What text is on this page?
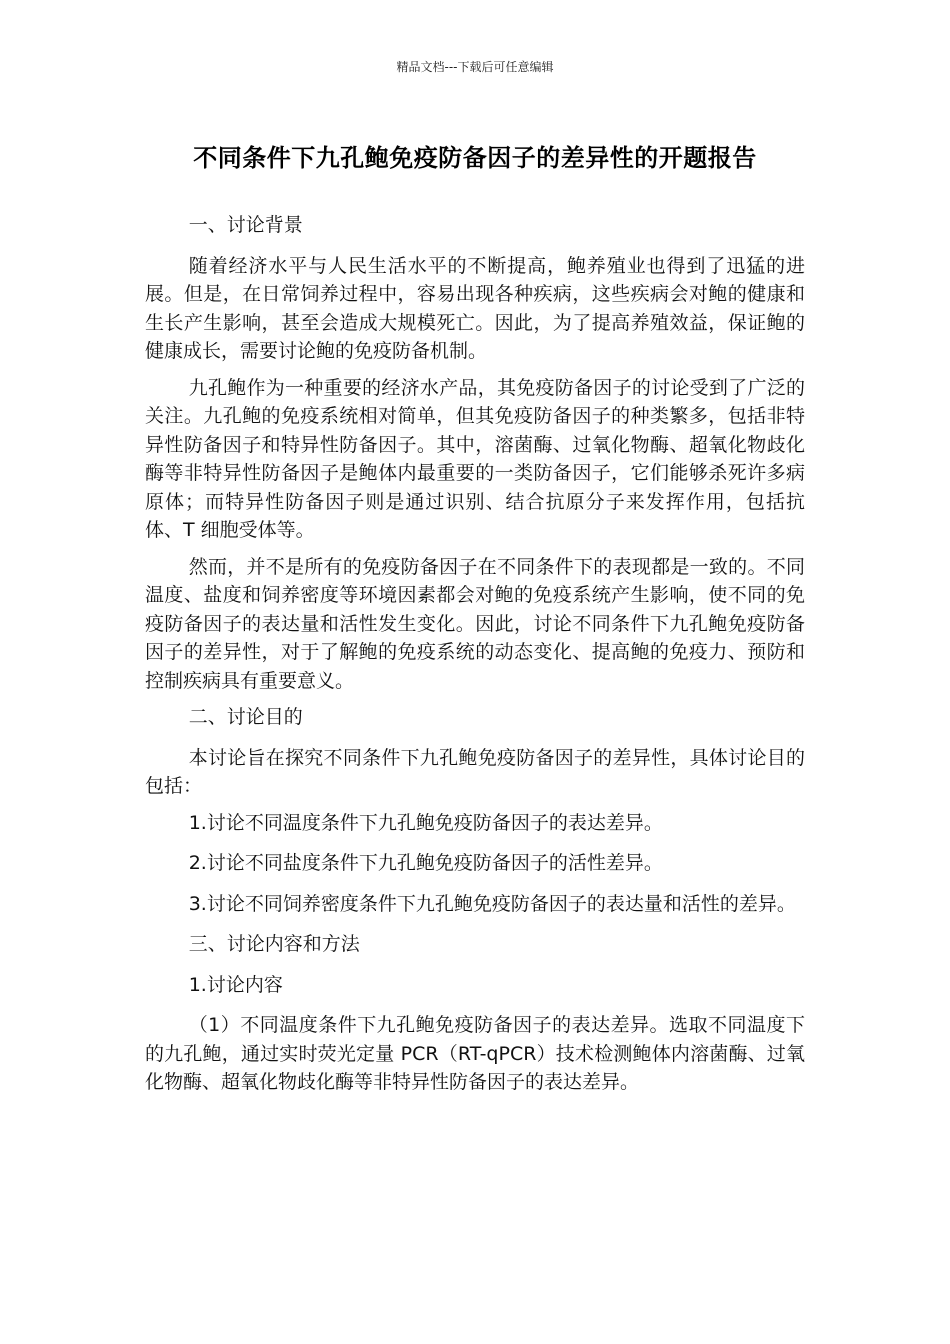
精品文档---下载后可任意编辑
不同条件下九孔鲍免疫防备因子的差异性的开题报告

一、讨论背景

随着经济水平与人民生活水平的不断提高，鲍养殖业也得到了迅猛的进展。但是，在日常饲养过程中，容易出现各种疾病，这些疾病会对鲍的健康和生长产生影响，甚至会造成大规模死亡。因此，为了提高养殖效益，保证鲍的健康成长，需要讨论鲍的免疫防备机制。

九孔鲍作为一种重要的经济水产品，其免疫防备因子的讨论受到了广泛的关注。九孔鲍的免疫系统相对简单，但其免疫防备因子的种类繁多，包括非特异性防备因子和特异性防备因子。其中，溶菌酶、过氧化物酶、超氧化物歧化酶等非特异性防备因子是鲍体内最重要的一类防备因子，它们能够杀死许多病原体；而特异性防备因子则是通过识别、结合抗原分子来发挥作用，包括抗体、T 细胞受体等。

然而，并不是所有的免疫防备因子在不同条件下的表现都是一致的。不同温度、盐度和饲养密度等环境因素都会对鲍的免疫系统产生影响，使不同的免疫防备因子的表达量和活性发生变化。因此，讨论不同条件下九孔鲍免疫防备因子的差异性，对于了解鲍的免疫系统的动态变化、提高鲍的免疫力、预防和控制疾病具有重要意义。

二、讨论目的

本讨论旨在探究不同条件下九孔鲍免疫防备因子的差异性，具体讨论目的包括：

1.讨论不同温度条件下九孔鲍免疫防备因子的表达差异。

2.讨论不同盐度条件下九孔鲍免疫防备因子的活性差异。

3.讨论不同饲养密度条件下九孔鲍免疫防备因子的表达量和活性的差异。

三、讨论内容和方法

1.讨论内容

（1）不同温度条件下九孔鲍免疫防备因子的表达差异。选取不同温度下的九孔鲍，通过实时荧光定量 PCR（RT-qPCR）技术检测鲍体内溶菌酶、过氧化物酶、超氧化物歧化酶等非特异性防备因子的表达差异。
